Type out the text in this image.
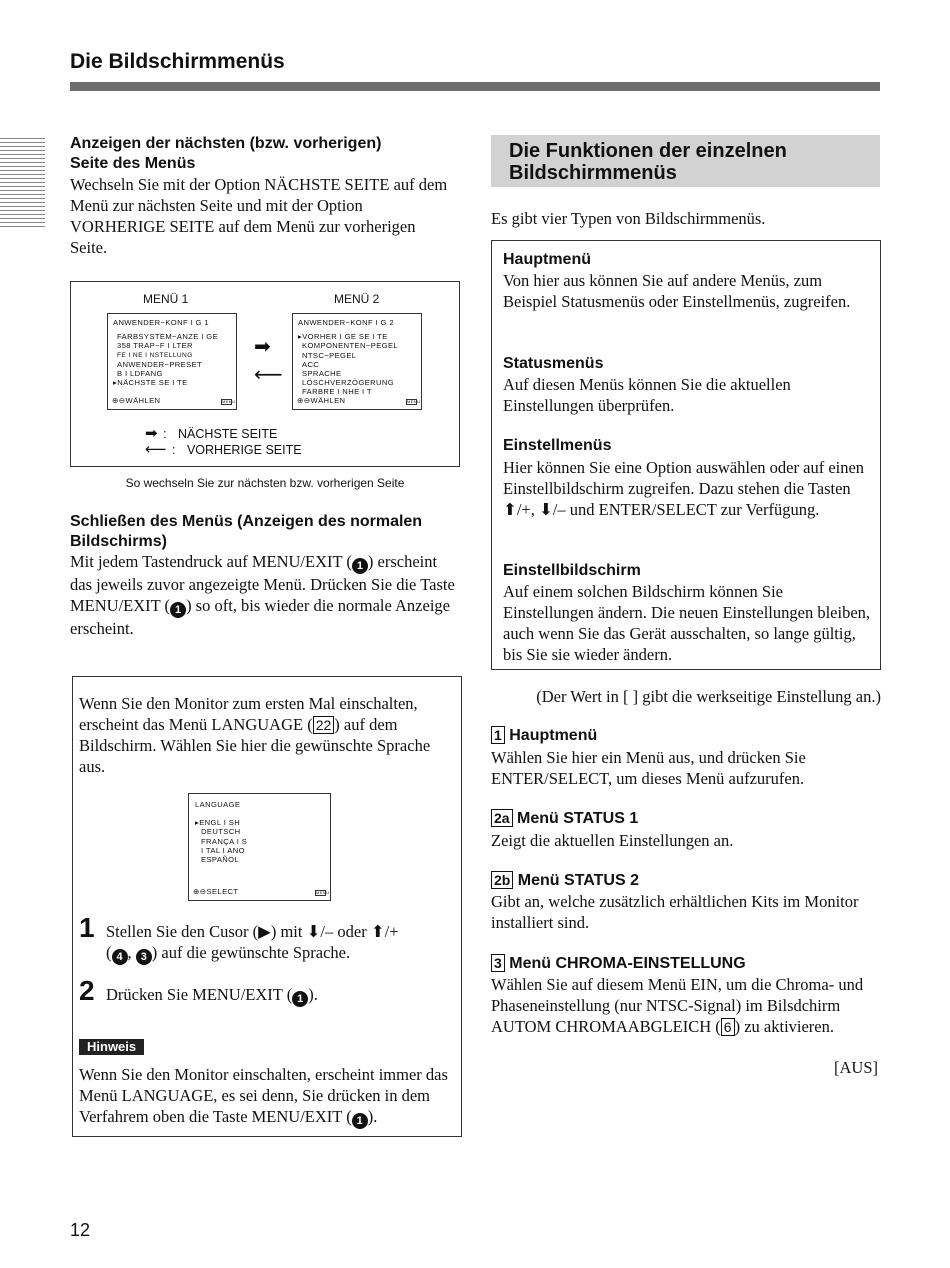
Die Bildschirmmenüs
Anzeigen der nächsten (bzw. vorherigen)
Seite des Menüs
Wechseln Sie mit der Option NÄCHSTE SEITE auf dem Menü zur nächsten Seite und mit der Option VORHERIGE SEITE auf dem Menü zur vorherigen Seite.
MENÜ 1	MENÜ 2
ANWENDER−KONF I G 1
FARBSYSTEM−ANZE I GE
358 TRAP−F I LTER
FE I NE I NSTELLUNG
ANWENDER−PRESET
B I LDFANG
▸NÄCHSTE SE I TE
⊕⊖WÄHLEN	MENU
ANWENDER−KONF I G 2
▸VORHER I GE SE I TE
KOMPONENTEN−PEGEL
NTSC−PEGEL
ACC
SPRACHE
LÖSCHVERZÖGERUNG
FARBRE I NHE I T
⊕⊖WÄHLEN	MENU
➡
⟵
➡ : NÄCHSTE SEITE
⟵ : VORHERIGE SEITE
So wechseln Sie zur nächsten bzw. vorherigen Seite
Schließen des Menüs (Anzeigen des normalen
Bildschirms)
Mit jedem Tastendruck auf MENU/EXIT ( 1 ) erscheint das jeweils zuvor angezeigte Menü. Drücken Sie die Taste MENU/EXIT ( 1 ) so oft, bis wieder die normale Anzeige erscheint.
Wenn Sie den Monitor zum ersten Mal einschalten, erscheint das Menü LANGUAGE ( 22 ) auf dem Bildschirm. Wählen Sie hier die gewünschte Sprache aus.
LANGUAGE
▸ENGL I SH
DEUTSCH
FRANÇA I S
I TAL I ANO
ESPAÑOL
⊕⊖SELECT	MENU
1 Stellen Sie den Cusor (▶) mit ⬇/– oder ⬆/+
( 4 , 3 ) auf die gewünschte Sprache.
2 Drücken Sie MENU/EXIT ( 1 ).
Hinweis
Wenn Sie den Monitor einschalten, erscheint immer das Menü LANGUAGE, es sei denn, Sie drücken in dem Verfahrem oben die Taste MENU/EXIT ( 1 ).
Die Funktionen der einzelnen
Bildschirmmenüs
Es gibt vier Typen von Bildschirmmenüs.
Hauptmenü
Von hier aus können Sie auf andere Menüs, zum Beispiel Statusmenüs oder Einstellmenüs, zugreifen.
Statusmenüs
Auf diesen Menüs können Sie die aktuellen Einstellungen überprüfen.
Einstellmenüs
Hier können Sie eine Option auswählen oder auf einen Einstellbildschirm zugreifen. Dazu stehen die Tasten ⬆/+, ⬇/– und ENTER/SELECT zur Verfügung.
Einstellbildschirm
Auf einem solchen Bildschirm können Sie Einstellungen ändern. Die neuen Einstellungen bleiben, auch wenn Sie das Gerät ausschalten, so lange gültig, bis Sie sie wieder ändern.
(Der Wert in [ ] gibt die werkseitige Einstellung an.)
1 Hauptmenü
Wählen Sie hier ein Menü aus, und drücken Sie ENTER/SELECT, um dieses Menü aufzurufen.
2a Menü STATUS 1
Zeigt die aktuellen Einstellungen an.
2b Menü STATUS 2
Gibt an, welche zusätzlich erhältlichen Kits im Monitor installiert sind.
3 Menü CHROMA-EINSTELLUNG
Wählen Sie auf diesem Menü EIN, um die Chroma- und Phaseneinstellung (nur NTSC-Signal) im Bilsdchirm AUTOM CHROMAABGLEICH ( 6 ) zu aktivieren.
[AUS]
12
